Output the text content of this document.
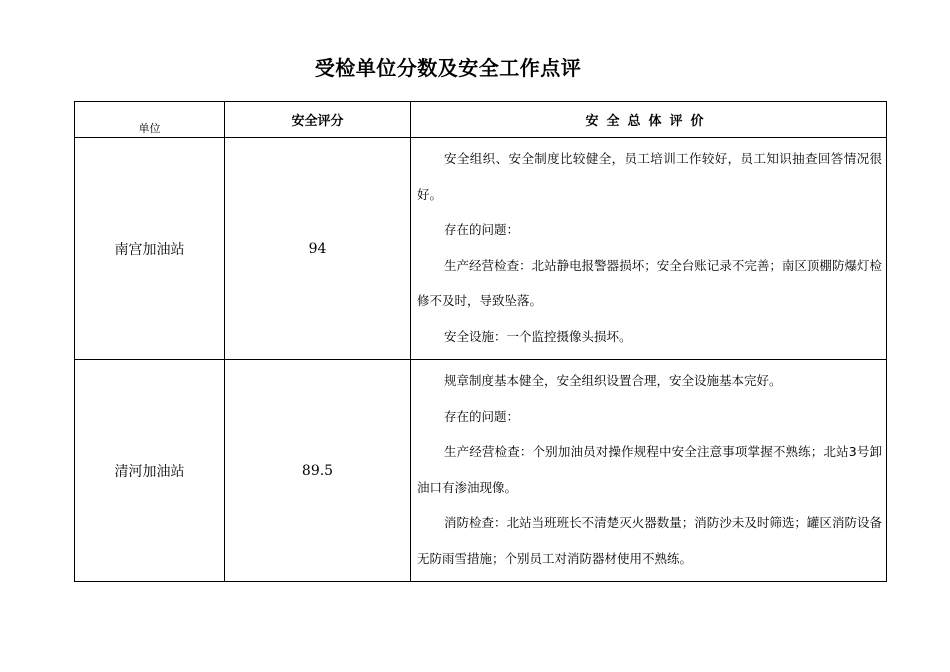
受检单位分数及安全工作点评
单位	安全评分	安全总体评价
南宫加油站	94	安全组织、安全制度比较健全，员工培训工作较好，员工知识抽查回答情况很好。

存在的问题：

生产经营检查：北站静电报警器损坏；安全台账记录不完善；南区顶棚防爆灯检修不及时，导致坠落。

安全设施：一个监控摄像头损坏。

清河加油站	89.5	规章制度基本健全，安全组织设置合理，安全设施基本完好。

存在的问题：

生产经营检查：个别加油员对操作规程中安全注意事项掌握不熟练；北站3号卸油口有渗油现像。

消防检查：北站当班班长不清楚灭火器数量；消防沙未及时筛选；罐区消防设备无防雨雪措施；个别员工对消防器材使用不熟练。
